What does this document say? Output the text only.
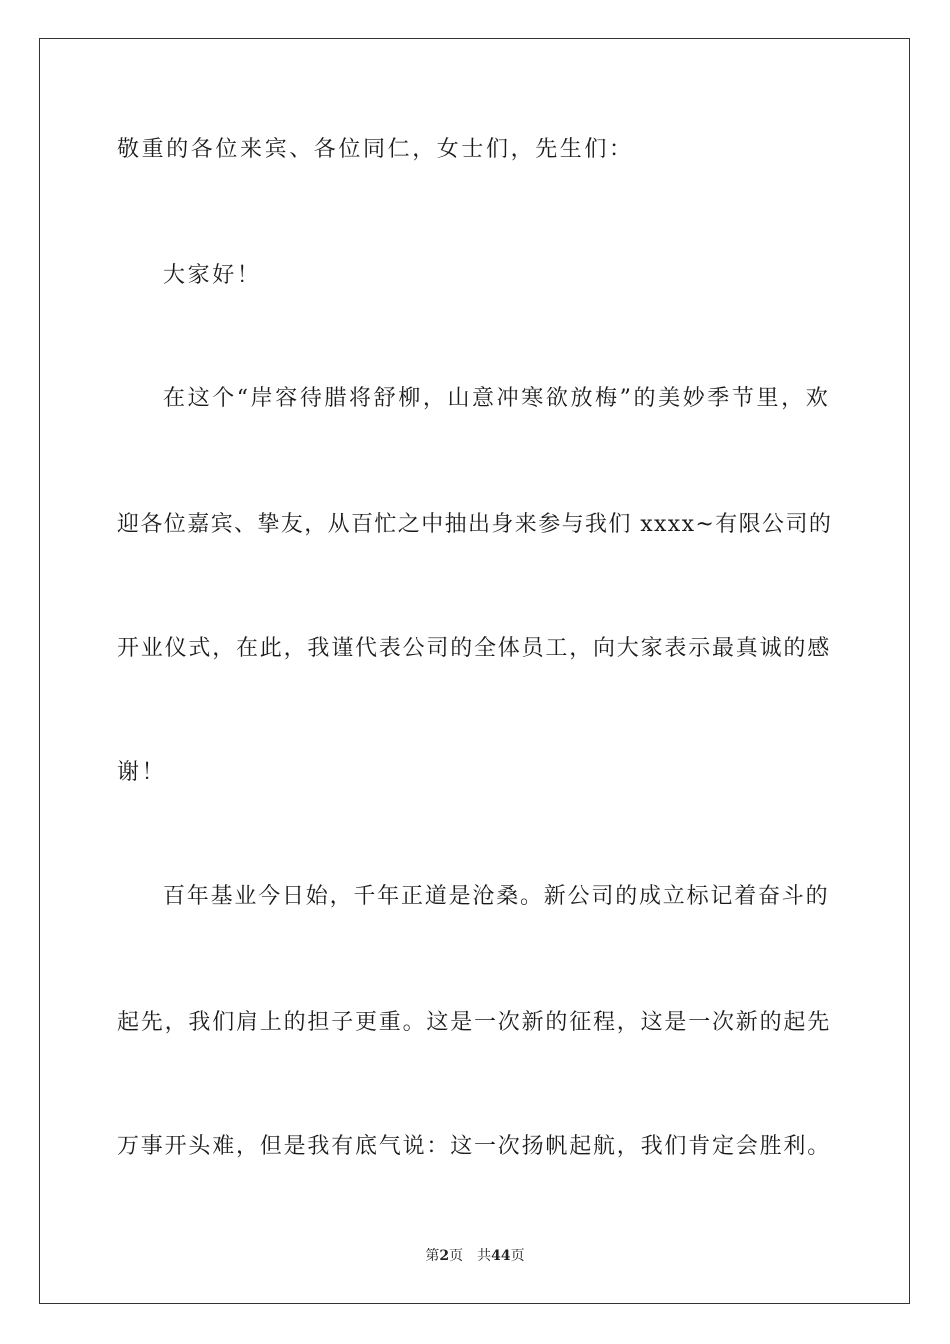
敬重的各位来宾、各位同仁，女士们，先生们：
大家好！
在这个“岸容待腊将舒柳，山意冲寒欲放梅”的美妙季节里，欢
迎各位嘉宾、挚友，从百忙之中抽出身来参与我们 xxxx~有限公司的
开业仪式，在此，我谨代表公司的全体员工，向大家表示最真诚的感
谢！
百年基业今日始，千年正道是沧桑。新公司的成立标记着奋斗的
起先，我们肩上的担子更重。这是一次新的征程，这是一次新的起先
万事开头难，但是我有底气说：这一次扬帆起航，我们肯定会胜利。
第2页 共44页
